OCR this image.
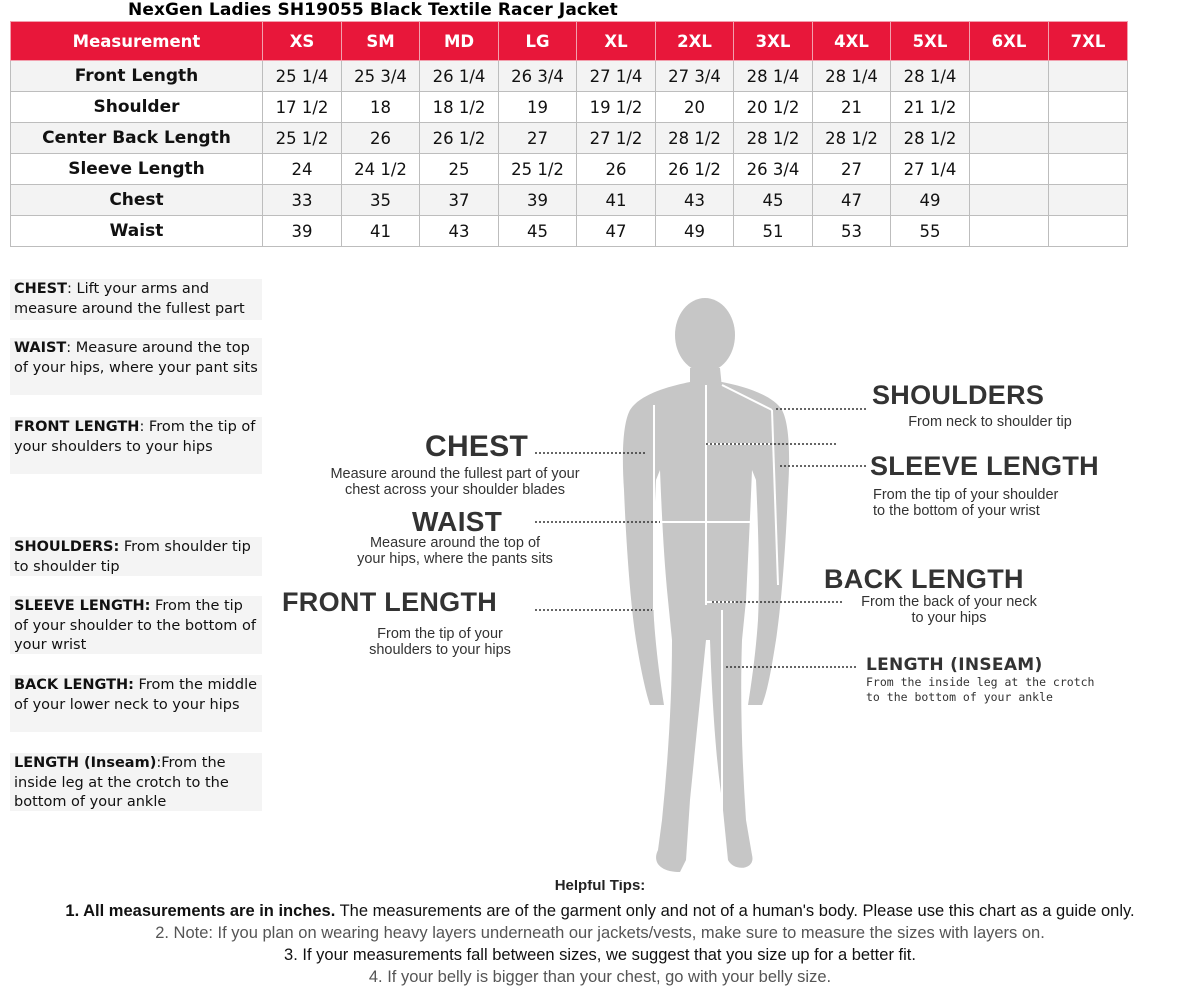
NexGen Ladies SH19055 Black Textile Racer Jacket
Measurement	XS	SM	MD	LG	XL	2XL	3XL	4XL	5XL	6XL	7XL
Front Length	25 1/4	25 3/4	26 1/4	26 3/4	27 1/4	27 3/4	28 1/4	28 1/4	28 1/4		
Shoulder	17 1/2	18	18 1/2	19	19 1/2	20	20 1/2	21	21 1/2		
Center Back Length	25 1/2	26	26 1/2	27	27 1/2	28 1/2	28 1/2	28 1/2	28 1/2		
Sleeve Length	24	24 1/2	25	25 1/2	26	26 1/2	26 3/4	27	27 1/4		
Chest	33	35	37	39	41	43	45	47	49		
Waist	39	41	43	45	47	49	51	53	55		
CHEST: Lift your arms and measure around the fullest part
WAIST: Measure around the top of your hips, where your pant sits
FRONT LENGTH: From the tip of your shoulders to your hips
SHOULDERS: From shoulder tip to shoulder tip
SLEEVE LENGTH: From the tip of your shoulder to the bottom of your wrist
BACK LENGTH: From the middle of your lower neck to your hips
LENGTH (Inseam):From the inside leg at the crotch to the bottom of your ankle
CHEST
Measure around the fullest part of your
chest across your shoulder blades
WAIST
Measure around the top of
your hips, where the pants sits
FRONT LENGTH
From the tip of your
shoulders to your hips
SHOULDERS
From neck to shoulder tip
SLEEVE LENGTH
From the tip of your shoulder
to the bottom of your wrist
BACK LENGTH
From the back of your neck
to your hips
LENGTH (INSEAM)
From the inside leg at the crotch
to the bottom of your ankle
Helpful Tips:
1. All measurements are in inches. The measurements are of the garment only and not of a human's body. Please use this chart as a guide only.
2. Note: If you plan on wearing heavy layers underneath our jackets/vests, make sure to measure the sizes with layers on.
3. If your measurements fall between sizes, we suggest that you size up for a better fit.
4. If your belly is bigger than your chest, go with your belly size.
